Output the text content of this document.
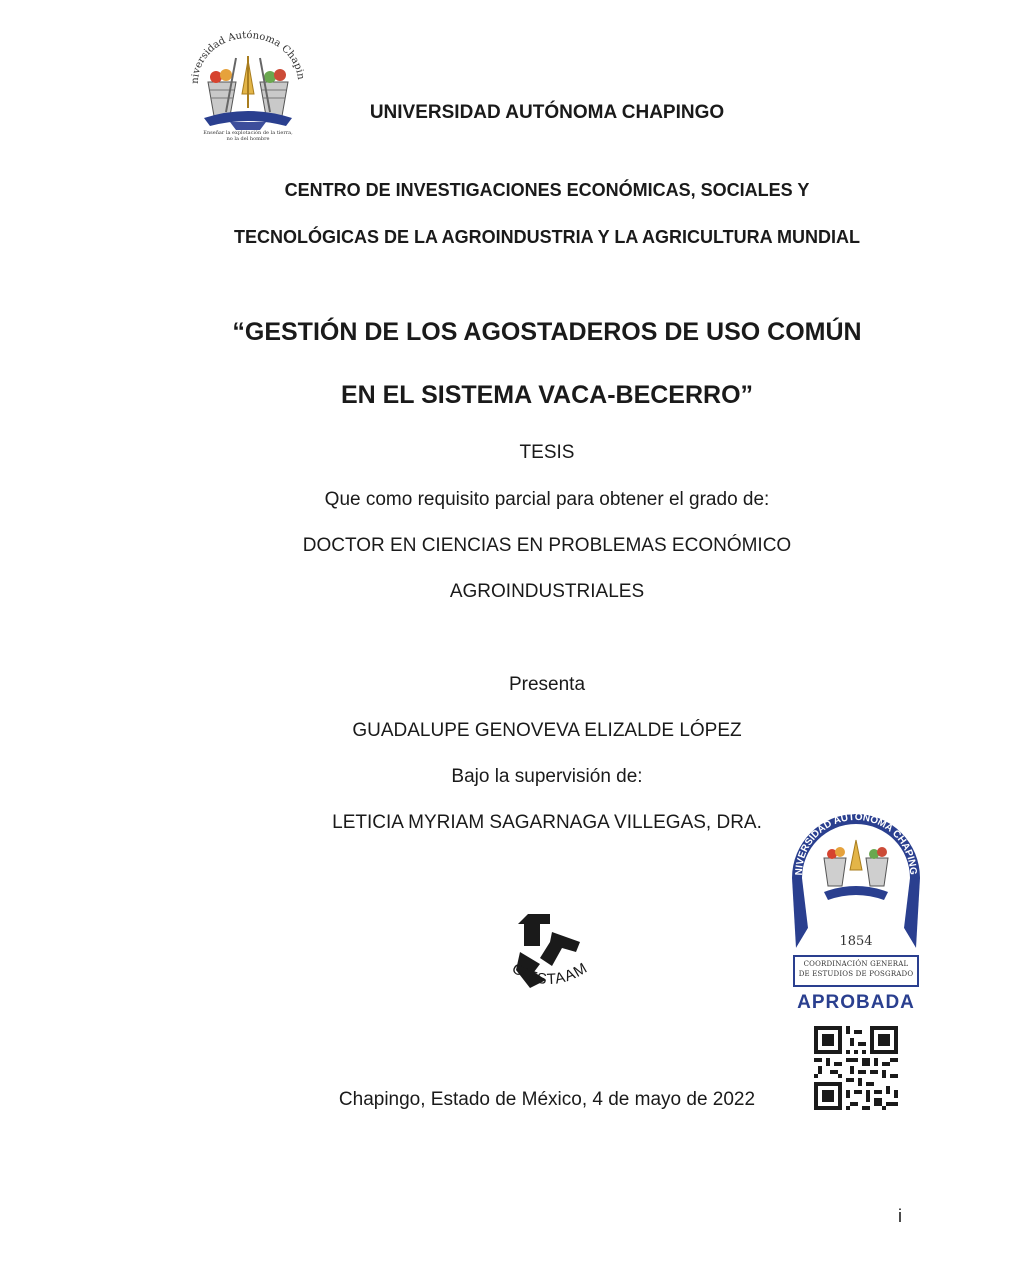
niversidad Autónoma Chapin
Enseñar la explotación de la tierra, no la del hombre
UNIVERSIDAD AUTÓNOMA CHAPINGO
CENTRO DE INVESTIGACIONES ECONÓMICAS, SOCIALES Y
TECNOLÓGICAS DE LA AGROINDUSTRIA Y LA AGRICULTURA MUNDIAL
“GESTIÓN DE LOS AGOSTADEROS DE USO COMÚN
EN EL SISTEMA VACA-BECERRO”
TESIS
Que como requisito parcial para obtener el grado de:
DOCTOR EN CIENCIAS EN PROBLEMAS ECONÓMICO
AGROINDUSTRIALES
Presenta
GUADALUPE GENOVEVA ELIZALDE LÓPEZ
Bajo la supervisión de:
LETICIA MYRIAM SAGARNAGA VILLEGAS, DRA.
CIESTAAM
NIVERSIDAD AUTÓNOMA CHAPING
1854
COORDINACIÓN GENERAL
DE ESTUDIOS DE POSGRADO
APROBADA
Chapingo, Estado de México, 4 de mayo de 2022
i
